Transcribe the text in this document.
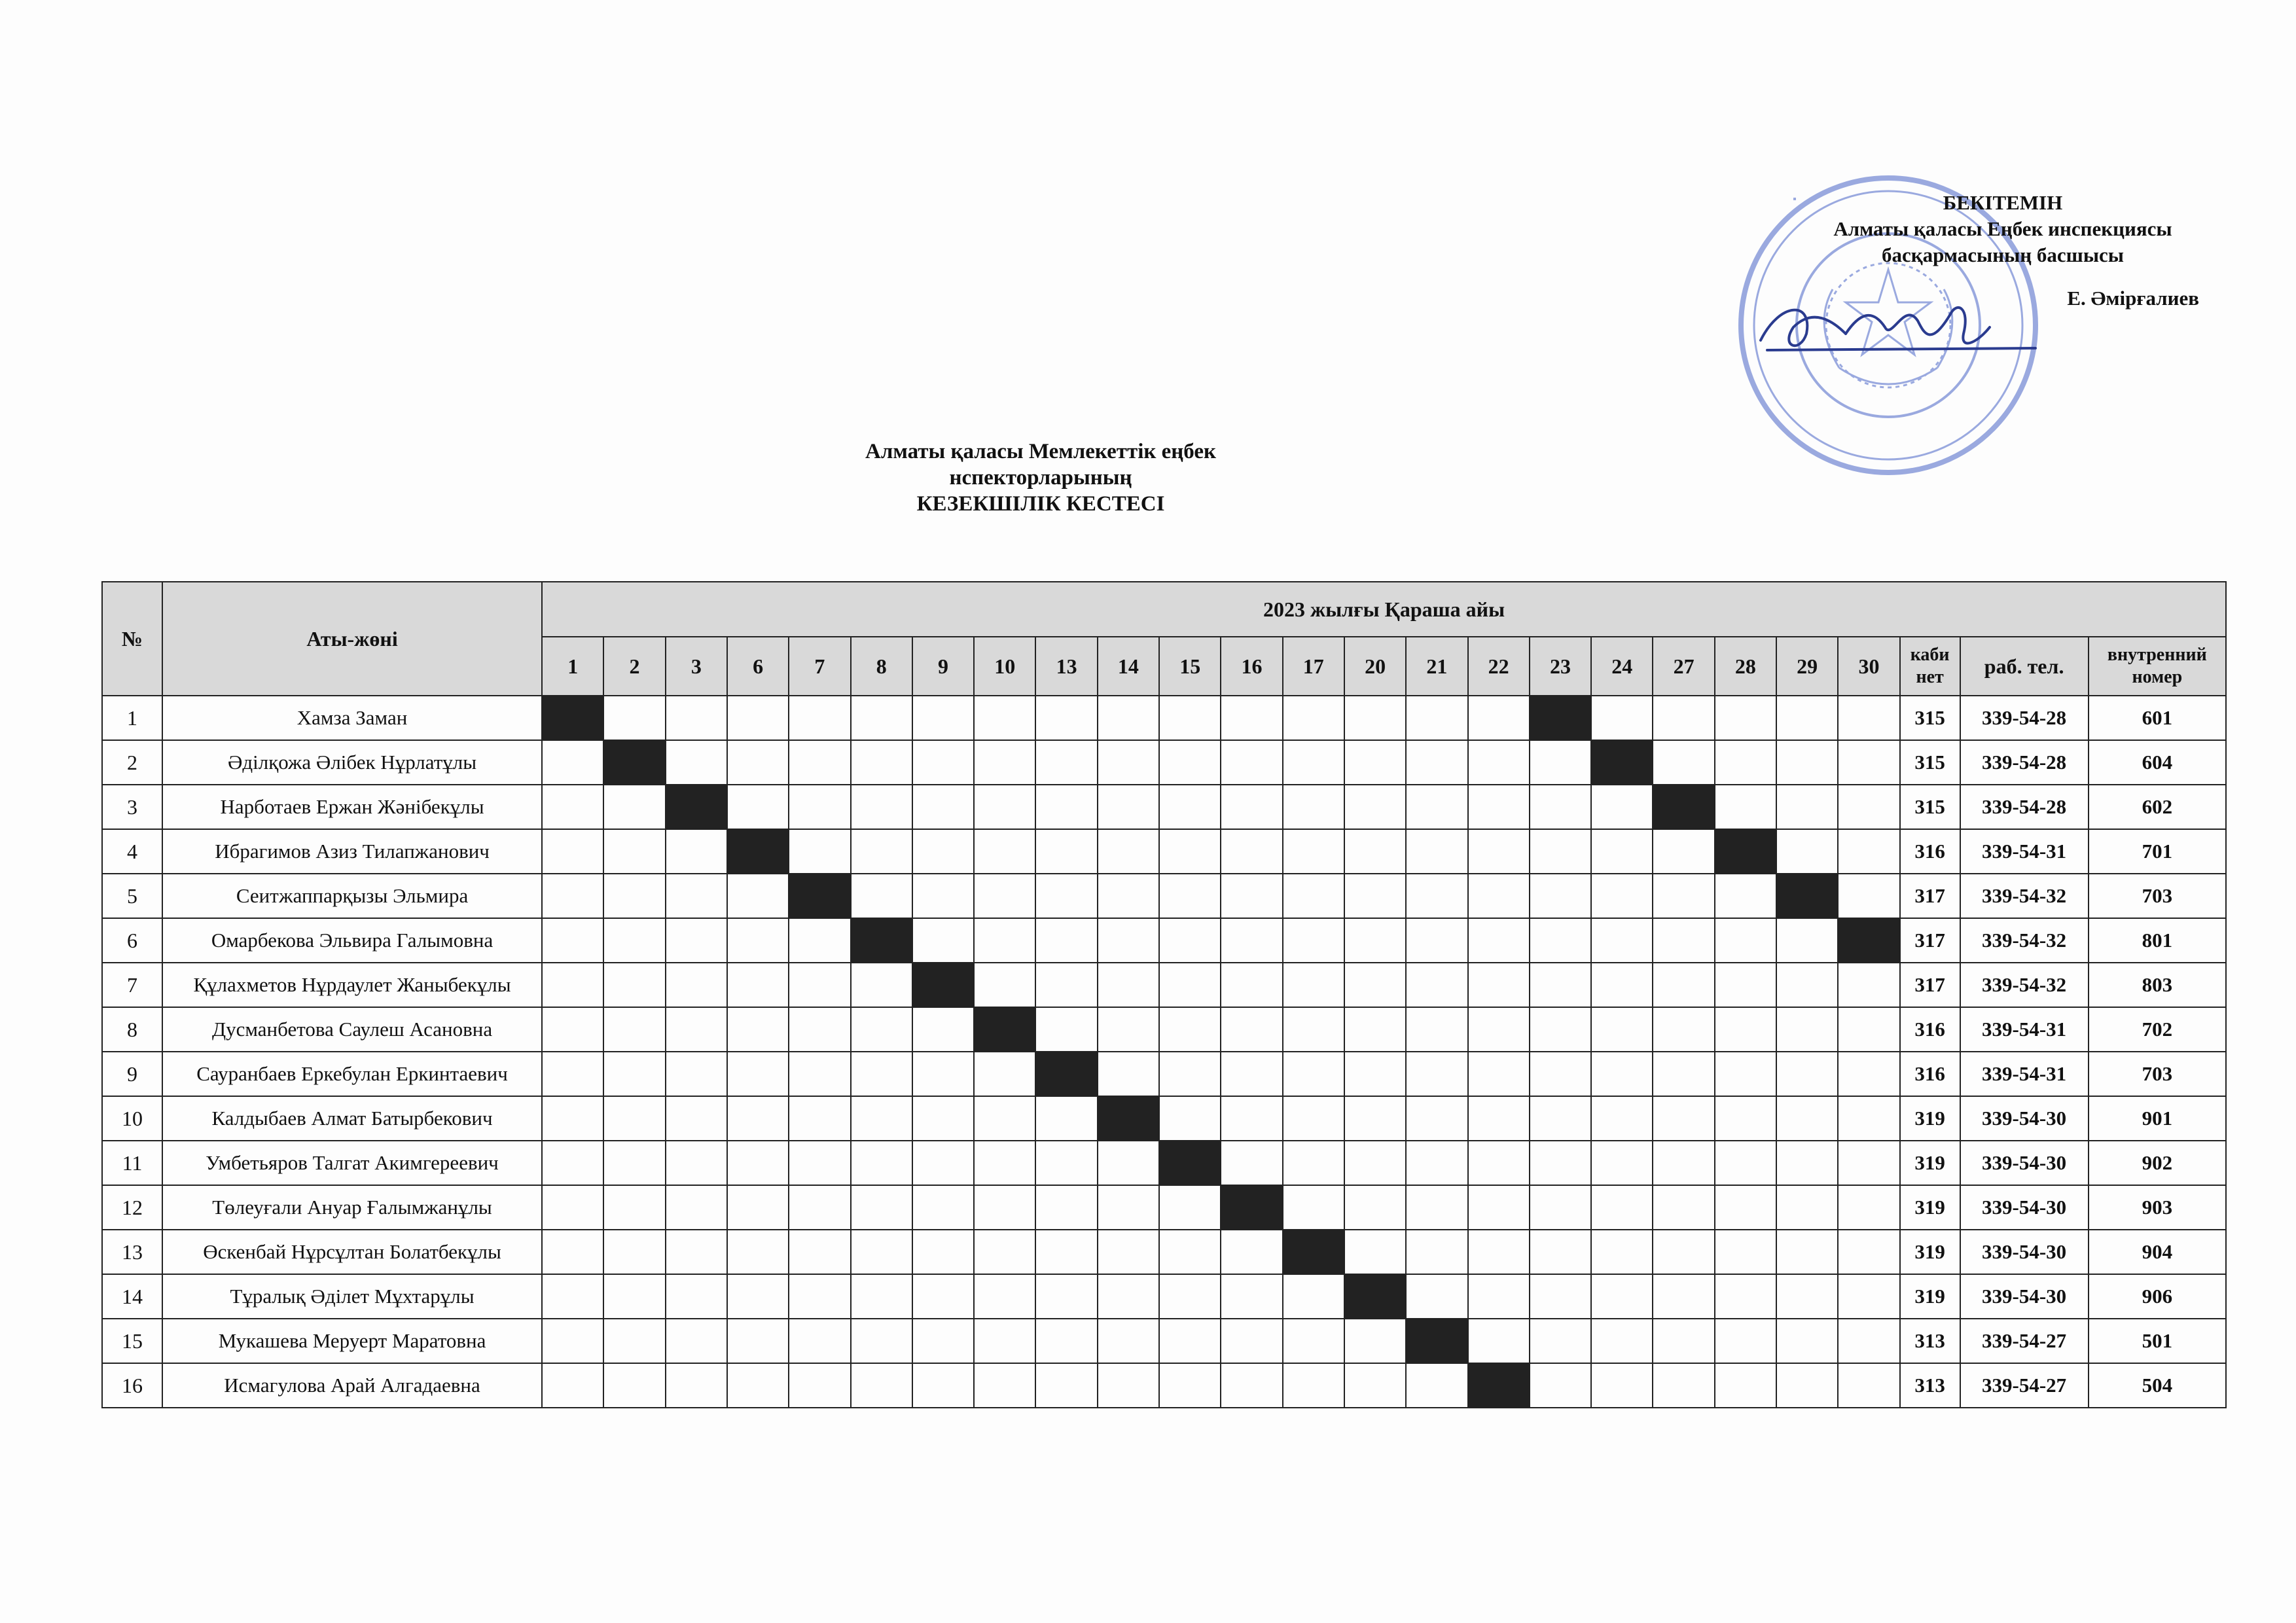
БЕКІТЕМІН
Алматы қаласы Еңбек инспекциясы
басқармасының басшысы
Е. Әмірғалиев
Алматы қаласы Мемлекеттік еңбек
нспекторларының
КЕЗЕКШІЛІК КЕСТЕСІ
№	Аты-жөні	2023 жылғы Қараша айы																								
		1	2	3	6	7	8	9	10	13	14	15	16	17	20	21	22	23	24	27	28	29	30	каби нет	раб. тел.	внутренний номер
1	Хамза Заман																							315	339-54-28	601
2	Әділқожа Әлібек Нұрлатұлы																							315	339-54-28	604
3	Нарботаев Ержан Жәнібекұлы																							315	339-54-28	602
4	Ибрагимов Азиз Тилапжанович																							316	339-54-31	701
5	Сеитжаппарқызы Эльмира																							317	339-54-32	703
6	Омарбекова Эльвира Галымовна																							317	339-54-32	801
7	Құлахметов Нұрдаулет Жаныбекұлы																							317	339-54-32	803
8	Дусманбетова Саулеш Асановна																							316	339-54-31	702
9	Сауранбаев Еркебулан Еркинтаевич																							316	339-54-31	703
10	Калдыбаев Алмат Батырбекович																							319	339-54-30	901
11	Умбетьяров Талгат Акимгереевич																							319	339-54-30	902
12	Төлеуғали Ануар Ғалымжанұлы																							319	339-54-30	903
13	Өскенбай Нұрсұлтан Болатбекұлы																							319	339-54-30	904
14	Тұралық Әділет Мұхтарұлы																							319	339-54-30	906
15	Мукашева Меруерт Маратовна																							313	339-54-27	501
16	Исмагулова Арай Алгадаевна																							313	339-54-27	504
